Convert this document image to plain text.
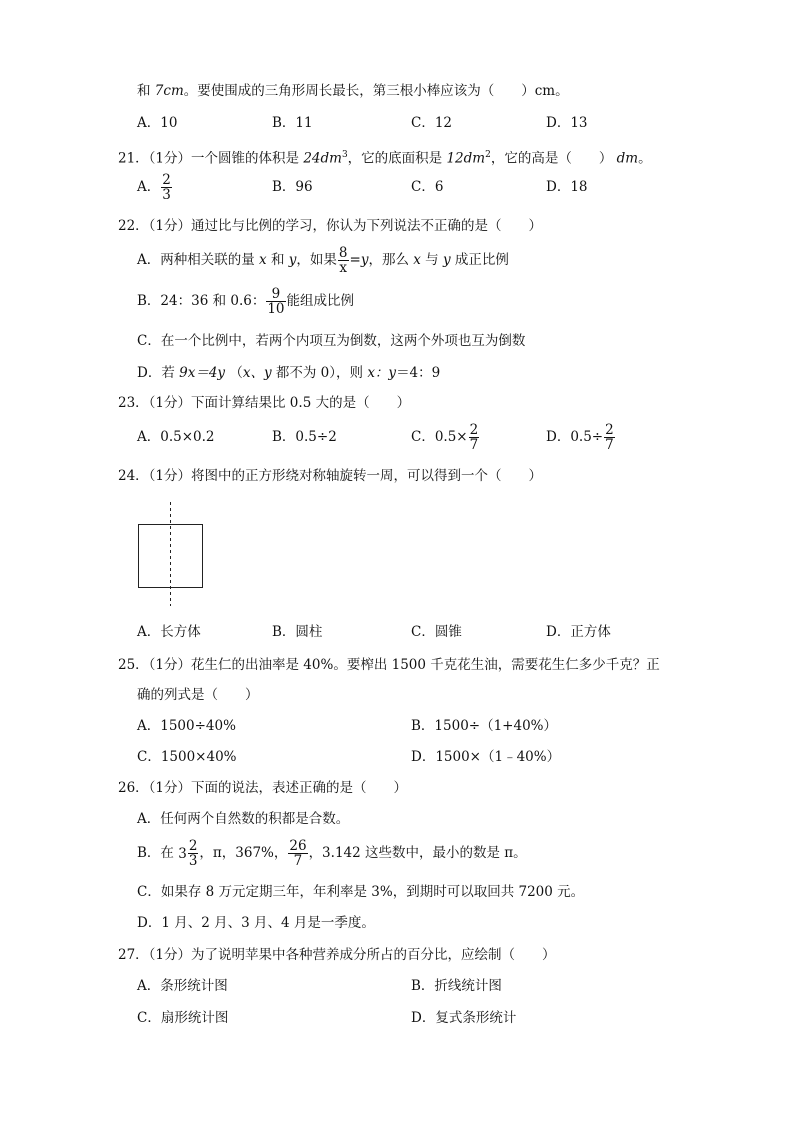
和 7cm。要使围成的三角形周长最长，第三根小棒应该为（　　）cm。
A．10	B．11	C．12	D．13
21．（1分）一个圆锥的体积是 $24dm^3$，它的底面积是 $12dm^2$，它的高是（　　） dm。
A． $\frac{2}{3}$	B．96	C．6	D．18
22．（1分）通过比与比例的学习，你认为下列说法不正确的是（　　）
A．两种相关联的量 x 和 y，如果 $\frac{8}{x} =y$，那么 x 与 y 成正比例
B．24：36 和 0.6： $\frac{9}{10}$ 能组成比例
C．在一个比例中，若两个内项互为倒数，这两个外项也互为倒数
D．若 9x＝4y （x、y 都不为 0），则 x：y＝4：9
23．（1分）下面计算结果比 0.5 大的是（　　）
A．0.5×0.2	B．0.5÷2	C．$0.5\times \frac{2}{7}$	D．$0.5\div \frac{2}{7}$
24．（1分）将图中的正方形绕对称轴旋转一周，可以得到一个（　　）
A．长方体	B．圆柱	C．圆锥	D．正方体
25．（1分）花生仁的出油率是 40%。要榨出 1500 千克花生油，需要花生仁多少千克？正
确的列式是（　　）
A．1500÷40%	B．1500÷（1+40%）
C．1500×40%	D．1500×（1﹣40%）
26．（1分）下面的说法，表述正确的是（　　）
A．任何两个自然数的积都是合数。
B．在 $3 \frac{2}{3}$ ，π，367%， $\frac{26}{7}$ ，3.142 这些数中，最小的数是 π。
C．如果存 8 万元定期三年，年利率是 3%，到期时可以取回共 7200 元。
D．1 月、2 月、3 月、4 月是一季度。
27．（1分）为了说明苹果中各种营养成分所占的百分比，应绘制（　　）
A．条形统计图	B．折线统计图
C．扇形统计图	D．复式条形统计
